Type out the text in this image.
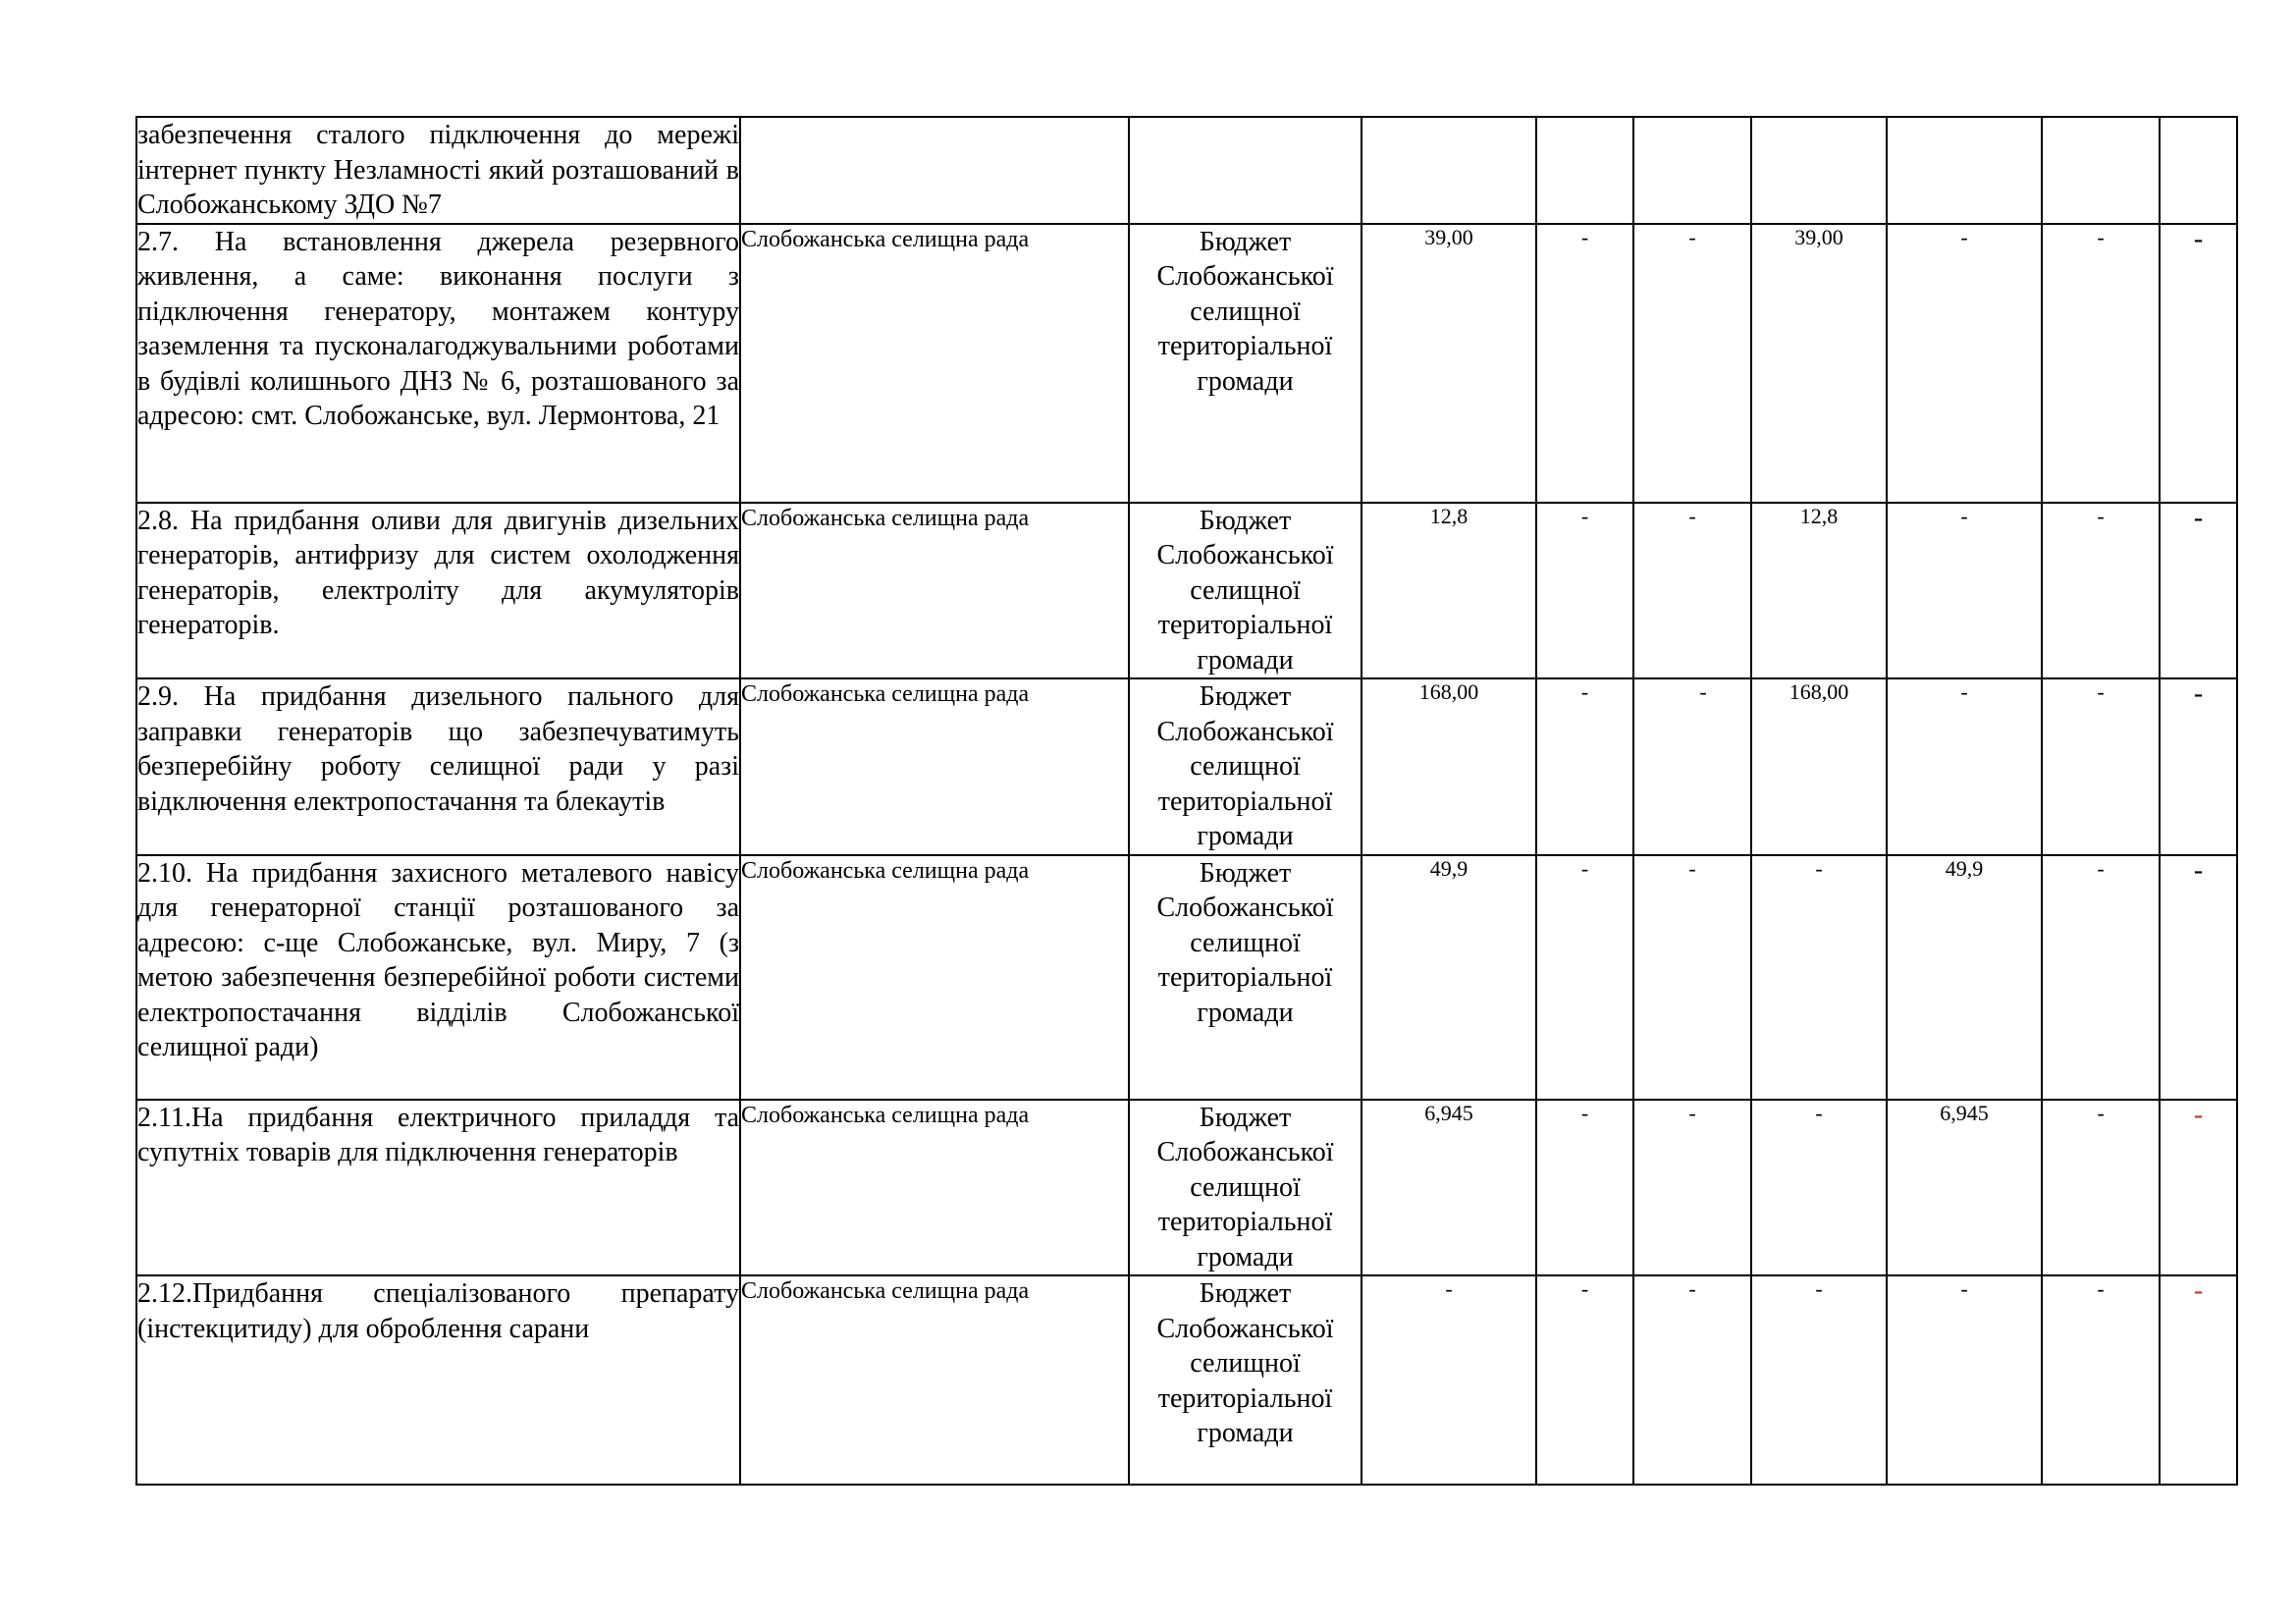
забезпечення сталого підключення до мережі інтернет пункту Незламності який розташований в Слобожанському ЗДО №7									
2.7. На встановлення джерела резервного живлення, а саме: виконання послуги з підключення генератору, монтажем контуру заземлення та пусконалагоджувальними роботами в будівлі колишнього ДНЗ № 6, розташованого за адресою: смт. Слобожанське, вул. Лермонтова, 21	Слобожанська селищна рада	Бюджет Слобожанської селищної територіальної громади	39,00	-	-	39,00	-	-	-
2.8. На придбання оливи для двигунів дизельних генераторів, антифризу для систем охолодження генераторів, електроліту для акумуляторів генераторів.	Слобожанська селищна рада	Бюджет Слобожанської селищної територіальної громади	12,8	-	-	12,8	-	-	-
2.9. На придбання дизельного пального для заправки генераторів що забезпечуватимуть безперебійну роботу селищної ради у разі відключення електропостачання та блекаутів	Слобожанська селищна рада	Бюджет Слобожанської селищної територіальної громади	168,00	-	-	168,00	-	-	-
2.10. На придбання захисного металевого навісу для генераторної станції розташованого за адресою: с-ще Слобожанське, вул. Миру, 7 (з метою забезпечення безперебійної роботи системи електропостачання відділів Слобожанської селищної ради)	Слобожанська селищна рада	Бюджет Слобожанської селищної територіальної громади	49,9	-	-	-	49,9	-	-
2.11.На придбання електричного приладдя та супутніх товарів для підключення генераторів	Слобожанська селищна рада	Бюджет Слобожанської селищної територіальної громади	6,945	-	-	-	6,945	-	-
2.12.Придбання спеціалізованого препарату (інстекцитиду) для оброблення сарани	Слобожанська селищна рада	Бюджет Слобожанської селищної територіальної громади	-	-	-	-	-	-	-
